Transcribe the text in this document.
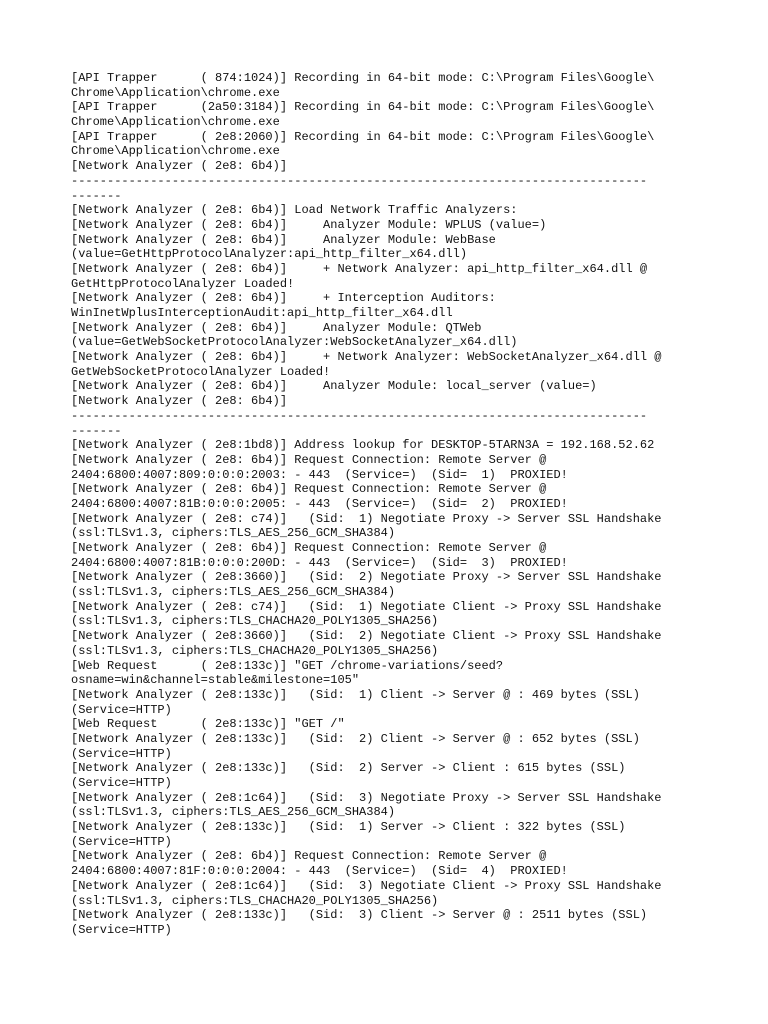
[API Trapper      ( 874:1024)] Recording in 64-bit mode: C:\Program Files\Google\
Chrome\Application\chrome.exe
[API Trapper      (2a50:3184)] Recording in 64-bit mode: C:\Program Files\Google\
Chrome\Application\chrome.exe
[API Trapper      ( 2e8:2060)] Recording in 64-bit mode: C:\Program Files\Google\
Chrome\Application\chrome.exe
[Network Analyzer ( 2e8: 6b4)]
--------------------------------------------------------------------------------
-------
[Network Analyzer ( 2e8: 6b4)] Load Network Traffic Analyzers:
[Network Analyzer ( 2e8: 6b4)]     Analyzer Module: WPLUS (value=)
[Network Analyzer ( 2e8: 6b4)]     Analyzer Module: WebBase
(value=GetHttpProtocolAnalyzer:api_http_filter_x64.dll)
[Network Analyzer ( 2e8: 6b4)]     + Network Analyzer: api_http_filter_x64.dll @
GetHttpProtocolAnalyzer Loaded!
[Network Analyzer ( 2e8: 6b4)]     + Interception Auditors:
WinInetWplusInterceptionAudit:api_http_filter_x64.dll
[Network Analyzer ( 2e8: 6b4)]     Analyzer Module: QTWeb
(value=GetWebSocketProtocolAnalyzer:WebSocketAnalyzer_x64.dll)
[Network Analyzer ( 2e8: 6b4)]     + Network Analyzer: WebSocketAnalyzer_x64.dll @
GetWebSocketProtocolAnalyzer Loaded!
[Network Analyzer ( 2e8: 6b4)]     Analyzer Module: local_server (value=)
[Network Analyzer ( 2e8: 6b4)]
--------------------------------------------------------------------------------
-------
[Network Analyzer ( 2e8:1bd8)] Address lookup for DESKTOP-5TARN3A = 192.168.52.62
[Network Analyzer ( 2e8: 6b4)] Request Connection: Remote Server @
2404:6800:4007:809:0:0:0:2003: - 443  (Service=)  (Sid=  1)  PROXIED!
[Network Analyzer ( 2e8: 6b4)] Request Connection: Remote Server @
2404:6800:4007:81B:0:0:0:2005: - 443  (Service=)  (Sid=  2)  PROXIED!
[Network Analyzer ( 2e8: c74)]   (Sid:  1) Negotiate Proxy -> Server SSL Handshake
(ssl:TLSv1.3, ciphers:TLS_AES_256_GCM_SHA384)
[Network Analyzer ( 2e8: 6b4)] Request Connection: Remote Server @
2404:6800:4007:81B:0:0:0:200D: - 443  (Service=)  (Sid=  3)  PROXIED!
[Network Analyzer ( 2e8:3660)]   (Sid:  2) Negotiate Proxy -> Server SSL Handshake
(ssl:TLSv1.3, ciphers:TLS_AES_256_GCM_SHA384)
[Network Analyzer ( 2e8: c74)]   (Sid:  1) Negotiate Client -> Proxy SSL Handshake
(ssl:TLSv1.3, ciphers:TLS_CHACHA20_POLY1305_SHA256)
[Network Analyzer ( 2e8:3660)]   (Sid:  2) Negotiate Client -> Proxy SSL Handshake
(ssl:TLSv1.3, ciphers:TLS_CHACHA20_POLY1305_SHA256)
[Web Request      ( 2e8:133c)] "GET /chrome-variations/seed?
osname=win&channel=stable&milestone=105"
[Network Analyzer ( 2e8:133c)]   (Sid:  1) Client -> Server @ : 469 bytes (SSL)
(Service=HTTP)
[Web Request      ( 2e8:133c)] "GET /"
[Network Analyzer ( 2e8:133c)]   (Sid:  2) Client -> Server @ : 652 bytes (SSL)
(Service=HTTP)
[Network Analyzer ( 2e8:133c)]   (Sid:  2) Server -> Client : 615 bytes (SSL)
(Service=HTTP)
[Network Analyzer ( 2e8:1c64)]   (Sid:  3) Negotiate Proxy -> Server SSL Handshake
(ssl:TLSv1.3, ciphers:TLS_AES_256_GCM_SHA384)
[Network Analyzer ( 2e8:133c)]   (Sid:  1) Server -> Client : 322 bytes (SSL)
(Service=HTTP)
[Network Analyzer ( 2e8: 6b4)] Request Connection: Remote Server @
2404:6800:4007:81F:0:0:0:2004: - 443  (Service=)  (Sid=  4)  PROXIED!
[Network Analyzer ( 2e8:1c64)]   (Sid:  3) Negotiate Client -> Proxy SSL Handshake
(ssl:TLSv1.3, ciphers:TLS_CHACHA20_POLY1305_SHA256)
[Network Analyzer ( 2e8:133c)]   (Sid:  3) Client -> Server @ : 2511 bytes (SSL)
(Service=HTTP)
